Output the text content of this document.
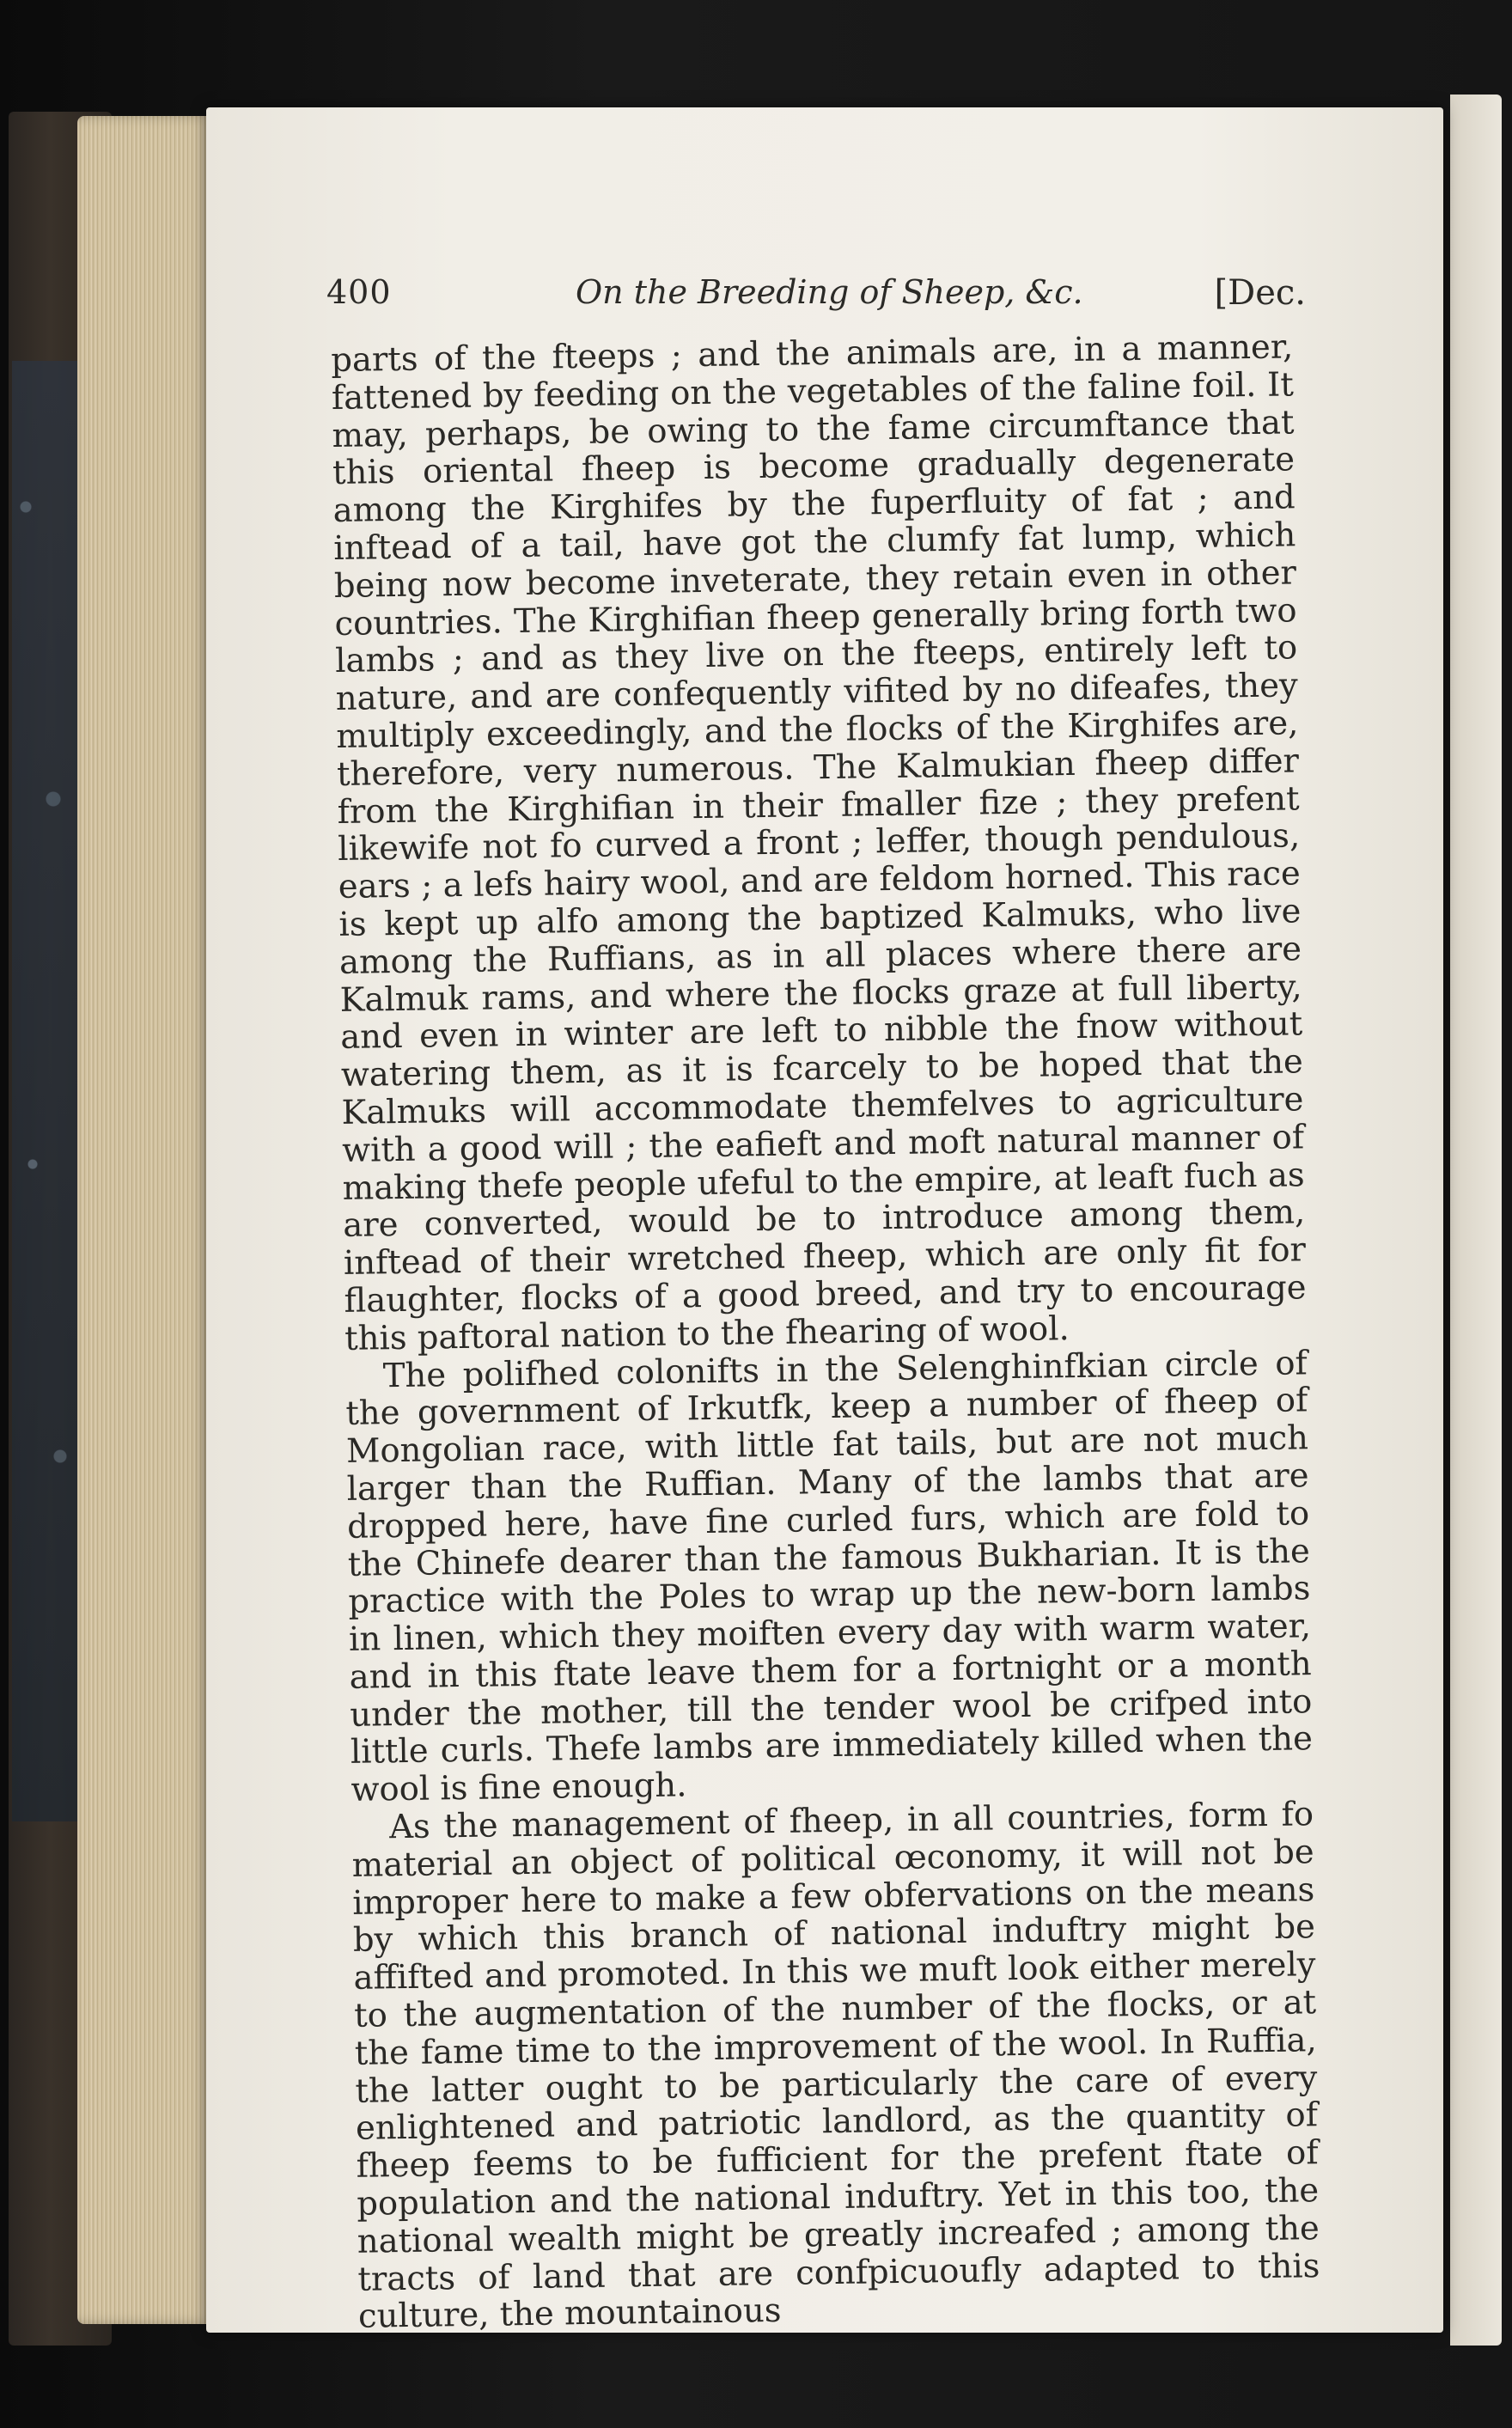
400	On the Breeding of Sheep, &c.	[Dec.

parts of the fteeps ; and the animals are, in a manner, fattened by feeding on the vegetables of the faline foil. It may, perhaps, be owing to the fame circumftance that this oriental fheep is become gradually degenerate among the Kirghifes by the fuperfluity of fat ; and inftead of a tail, have got the clumfy fat lump, which being now become inveterate, they retain even in other countries. The Kirghifian fheep generally bring forth two lambs ; and as they live on the fteeps, entirely left to nature, and are confequently vifited by no difeafes, they multiply exceedingly, and the flocks of the Kirghifes are, therefore, very numerous. The Kalmukian fheep differ from the Kirghifian in their fmaller fize ; they prefent likewife not fo curved a front ; leffer, though pendulous, ears ; a lefs hairy wool, and are feldom horned. This race is kept up alfo among the baptized Kalmuks, who live among the Ruffians, as in all places where there are Kalmuk rams, and where the flocks graze at full liberty, and even in winter are left to nibble the fnow without watering them, as it is fcarcely to be hoped that the Kalmuks will accommodate themfelves to agriculture with a good will ; the eafieft and moft natural manner of making thefe people ufeful to the empire, at leaft fuch as are converted, would be to introduce among them, inftead of their wretched fheep, which are only fit for flaughter, flocks of a good breed, and try to encourage this paftoral nation to the fhearing of wool.

The polifhed colonifts in the Selenghinfkian circle of the government of Irkutfk, keep a number of fheep of Mongolian race, with little fat tails, but are not much larger than the Ruffian. Many of the lambs that are dropped here, have fine curled furs, which are fold to the Chinefe dearer than the famous Bukharian. It is the practice with the Poles to wrap up the new-born lambs in linen, which they moiften every day with warm water, and in this ftate leave them for a fortnight or a month under the mother, till the tender wool be crifped into little curls. Thefe lambs are immediately killed when the wool is fine enough.

As the management of fheep, in all countries, form fo material an object of political œconomy, it will not be improper here to make a few obfervations on the means by which this branch of national induftry might be affifted and promoted. In this we muft look either merely to the augmentation of the number of the flocks, or at the fame time to the improvement of the wool. In Ruffia, the latter ought to be particularly the care of every enlightened and patriotic landlord, as the quantity of fheep feems to be fufficient for the prefent ftate of population and the national induftry. Yet in this too, the national wealth might be greatly increafed ; among the tracts of land that are confpicuoufly adapted to this culture, the mountainous
